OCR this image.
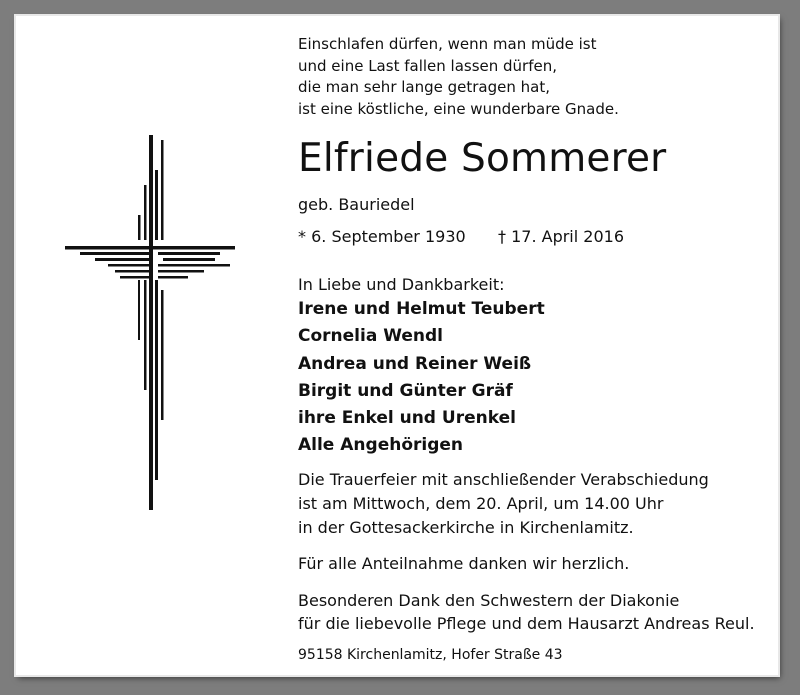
Einschlafen dürfen, wenn man müde ist
und eine Last fallen lassen dürfen,
die man sehr lange getragen hat,
ist eine köstliche, eine wunderbare Gnade.
Elfriede Sommerer
geb. Bauriedel
* 6. September 1930 † 17. April 2016
In Liebe und Dankbarkeit:
Irene und Helmut Teubert
Cornelia Wendl
Andrea und Reiner Weiß
Birgit und Günter Gräf
ihre Enkel und Urenkel
Alle Angehörigen
Die Trauerfeier mit anschließender Verabschiedung
ist am Mittwoch, dem 20. April, um 14.00 Uhr
in der Gottesackerkirche in Kirchenlamitz.
Für alle Anteilnahme danken wir herzlich.
Besonderen Dank den Schwestern der Diakonie
für die liebevolle Pflege und dem Hausarzt Andreas Reul.
95158 Kirchenlamitz, Hofer Straße 43
